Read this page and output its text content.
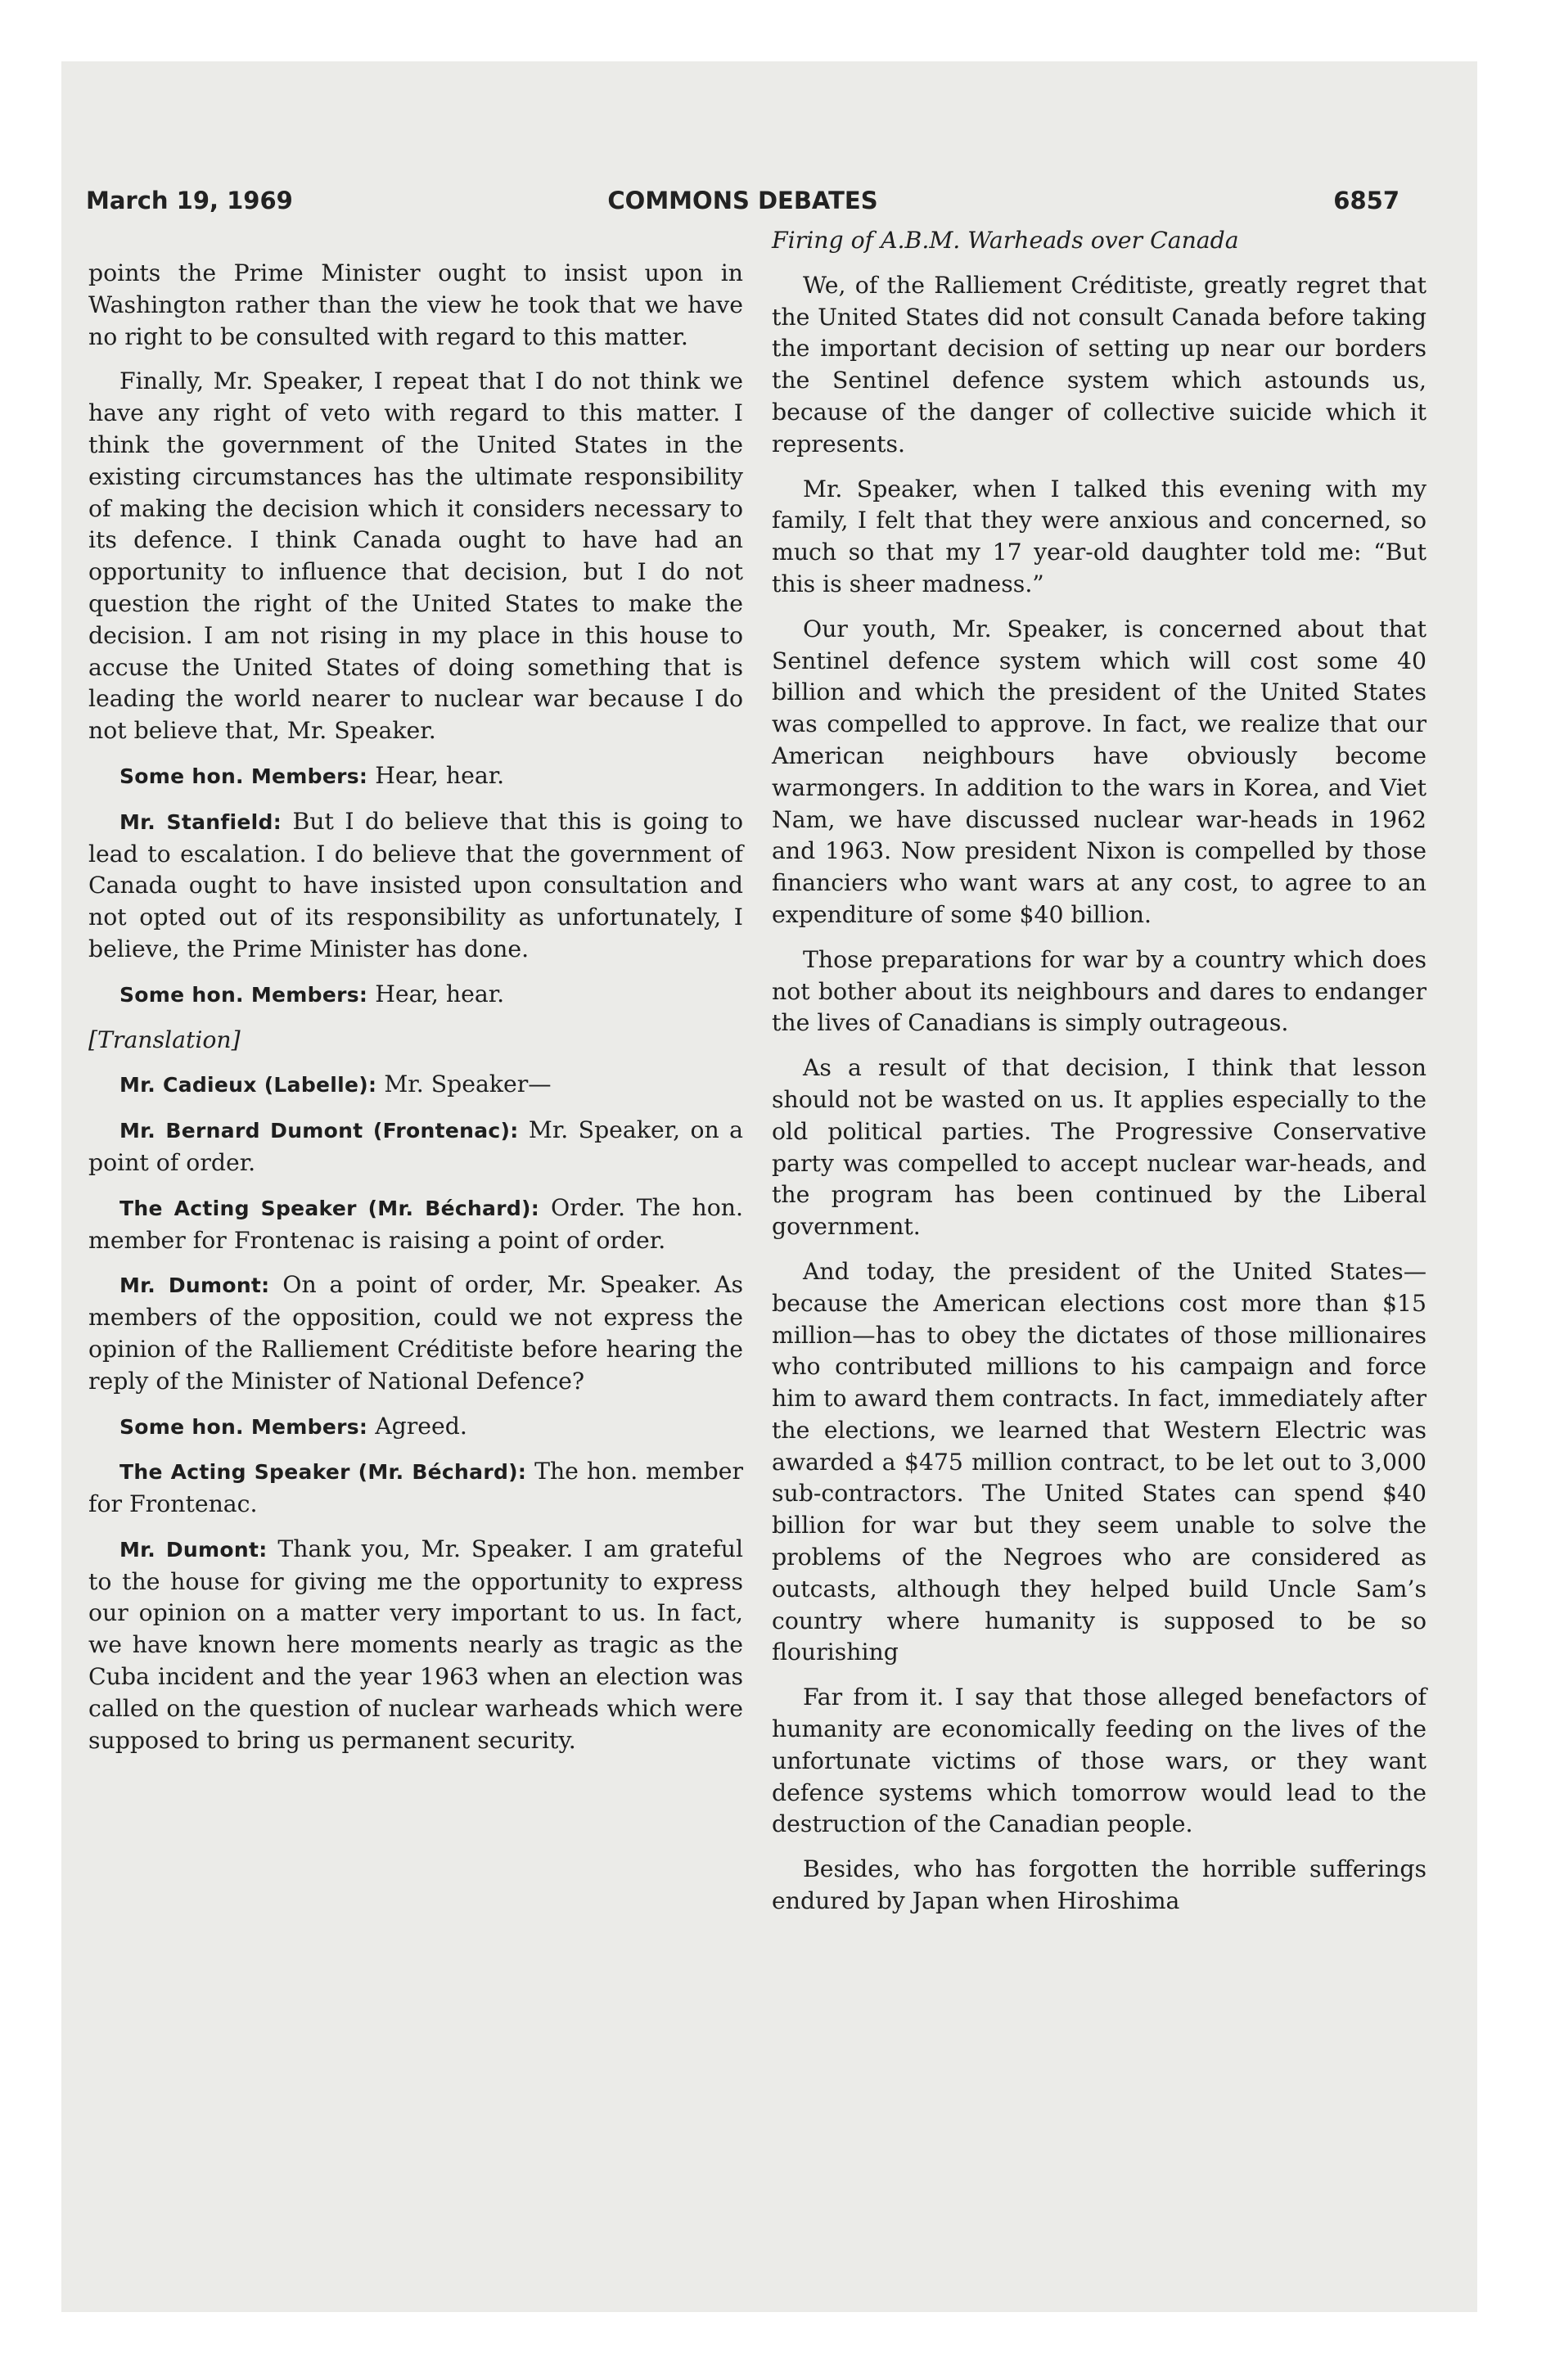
March 19, 1969	COMMONS DEBATES	6857

points the Prime Minister ought to insist upon in Washington rather than the view he took that we have no right to be consulted with regard to this matter.

Finally, Mr. Speaker, I repeat that I do not think we have any right of veto with regard to this matter. I think the government of the United States in the existing circumstances has the ultimate responsibility of making the decision which it considers necessary to its defence. I think Canada ought to have had an opportunity to influence that decision, but I do not question the right of the United States to make the decision. I am not rising in my place in this house to accuse the United States of doing something that is leading the world nearer to nuclear war because I do not believe that, Mr. Speaker.

Some hon. Members: Hear, hear.

Mr. Stanfield: But I do believe that this is going to lead to escalation. I do believe that the government of Canada ought to have insisted upon consultation and not opted out of its responsibility as unfortunately, I believe, the Prime Minister has done.

Some hon. Members: Hear, hear.

[Translation]

Mr. Cadieux (Labelle): Mr. Speaker—

Mr. Bernard Dumont (Frontenac): Mr. Speaker, on a point of order.

The Acting Speaker (Mr. Béchard): Order. The hon. member for Frontenac is raising a point of order.

Mr. Dumont: On a point of order, Mr. Speaker. As members of the opposition, could we not express the opinion of the Ralliement Créditiste before hearing the reply of the Minister of National Defence?

Some hon. Members: Agreed.

The Acting Speaker (Mr. Béchard): The hon. member for Frontenac.

Mr. Dumont: Thank you, Mr. Speaker. I am grateful to the house for giving me the opportunity to express our opinion on a matter very important to us. In fact, we have known here moments nearly as tragic as the Cuba incident and the year 1963 when an election was called on the question of nuclear warheads which were supposed to bring us permanent security.

Firing of A.B.M. Warheads over Canada

We, of the Ralliement Créditiste, greatly regret that the United States did not consult Canada before taking the important decision of setting up near our borders the Sentinel defence system which astounds us, because of the danger of collective suicide which it represents.

Mr. Speaker, when I talked this evening with my family, I felt that they were anxious and concerned, so much so that my 17 year-old daughter told me: “But this is sheer madness.”

Our youth, Mr. Speaker, is concerned about that Sentinel defence system which will cost some 40 billion and which the president of the United States was compelled to approve. In fact, we realize that our American neighbours have obviously become warmongers. In addition to the wars in Korea, and Viet Nam, we have discussed nuclear war-heads in 1962 and 1963. Now president Nixon is compelled by those financiers who want wars at any cost, to agree to an expenditure of some $40 billion.

Those preparations for war by a country which does not bother about its neighbours and dares to endanger the lives of Canadians is simply outrageous.

As a result of that decision, I think that lesson should not be wasted on us. It applies especially to the old political parties. The Progressive Conservative party was compelled to accept nuclear war-heads, and the program has been continued by the Liberal government.

And today, the president of the United States—because the American elections cost more than $15 million—has to obey the dictates of those millionaires who contributed millions to his campaign and force him to award them contracts. In fact, immediately after the elections, we learned that Western Electric was awarded a $475 million contract, to be let out to 3,000 sub-contractors. The United States can spend $40 billion for war but they seem unable to solve the problems of the Negroes who are considered as outcasts, although they helped build Uncle Sam’s country where humanity is supposed to be so flourishing

Far from it. I say that those alleged benefactors of humanity are economically feeding on the lives of the unfortunate victims of those wars, or they want defence systems which tomorrow would lead to the destruction of the Canadian people.

Besides, who has forgotten the horrible sufferings endured by Japan when Hiroshima
